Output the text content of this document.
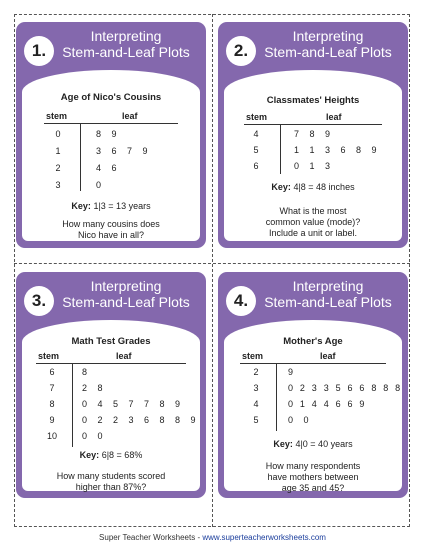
1.
Interpreting
Stem-and-Leaf Plots
Age of Nico's Cousins
stem	leaf
0	8 9
1	3 6 7 9
2	4 6
3	0
Key: 1|3 = 13 years
How many cousins does
Nico have in all?
2.
Interpreting
Stem-and-Leaf Plots
Classmates' Heights
stem	leaf
4	7 8 9
5	1 1 3 6 8 9
6	0 1 3
Key: 4|8 = 48 inches
What is the most
common value (mode)?
Include a unit or label.
3.
Interpreting
Stem-and-Leaf Plots
Math Test Grades
stem	leaf
6	8
7	2 8
8	0 4 5 7 7 8 9
9	0 2 2 3 6 8 8 9
10	0 0
Key: 6|8 = 68%
How many students scored
higher than 87%?
4.
Interpreting
Stem-and-Leaf Plots
Mother's Age
stem	leaf
2	9
3	0 2 3 3 5 6 6 8 8 8
4	0 1 4 4 6 6 9
5	0 0
Key: 4|0 = 40 years
How many respondents
have mothers between
age 35 and 45?
Super Teacher Worksheets - www.superteacherworksheets.com
